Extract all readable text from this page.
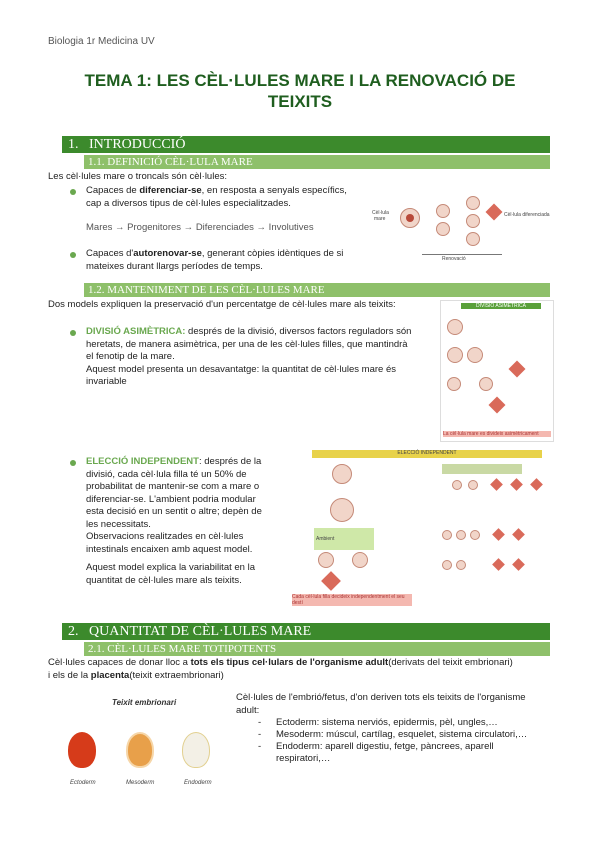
Biologia 1r Medicina UV
TEMA 1: LES CÈL·LULES MARE I LA RENOVACIÓ DE
TEIXITS
1. INTRODUCCIÓ
1.1. DEFINICIÓ CÈL·LULA MARE
Les cèl·lules mare o troncals són cèl·lules:
Capaces de diferenciar-se, en resposta a senyals específics,
cap a diversos tipus de cèl·lules especialitzades.
Mares → Progenitores → Diferenciades → Involutives
Capaces d'autorenovar-se, generant còpies idèntiques de si
mateixes durant llargs períodes de temps.
Cèl·lula
mare
Cèl·lula diferenciada
Renovació
1.2. MANTENIMENT DE LES CÈL·LULES MARE
Dos models expliquen la preservació d'un percentatge de cèl·lules mare als teixits:
DIVISIÓ ASIMÈTRICA: després de la divisió, diversos factors reguladors són
heretats, de manera asimètrica, per una de les cèl·lules filles, que mantindrà
el fenotip de la mare.
Aquest model presenta un desavantatge: la quantitat de cèl·lules mare és
invariable
DIVISIÓ ASIMÈTRICA
La cèl·lula mare es divideix asimètricament
ELECCIÓ INDEPENDENT: després de la
divisió, cada cèl·lula filla té un 50% de
probabilitat de mantenir-se com a mare o
diferenciar-se. L'ambient podria modular
esta decisió en un sentit o altre; depèn de
les necessitats.
Observacions realitzades en cèl·lules
intestinals encaixen amb aquest model.
Aquest model explica la variabilitat en la
quantitat de cèl·lules mare als teixits.
ELECCIÓ INDEPENDENT
Ambient
Cada cèl·lula filla decideix independentment el seu destí
2. QUANTITAT DE CÈL·LULES MARE
2.1. CÈL·LULES MARE TOTIPOTENTS
Cèl·lules capaces de donar lloc a tots els tipus cel·lulars de l'organisme adult(derivats del teixit embrionari)
i els de la placenta(teixit extraembrionari)
Teixit embrionari
Ectoderm	Mesoderm	Endoderm
Cèl·lules de l'embrió/fetus, d'on deriven tots els teixits de l'organisme
adult:
- Ectoderm: sistema nerviós, epidermis, pèl, ungles,…
- Mesoderm: múscul, cartílag, esquelet, sistema circulatori,…
- Endoderm: aparell digestiu, fetge, pàncrees, aparell
respiratori,…
